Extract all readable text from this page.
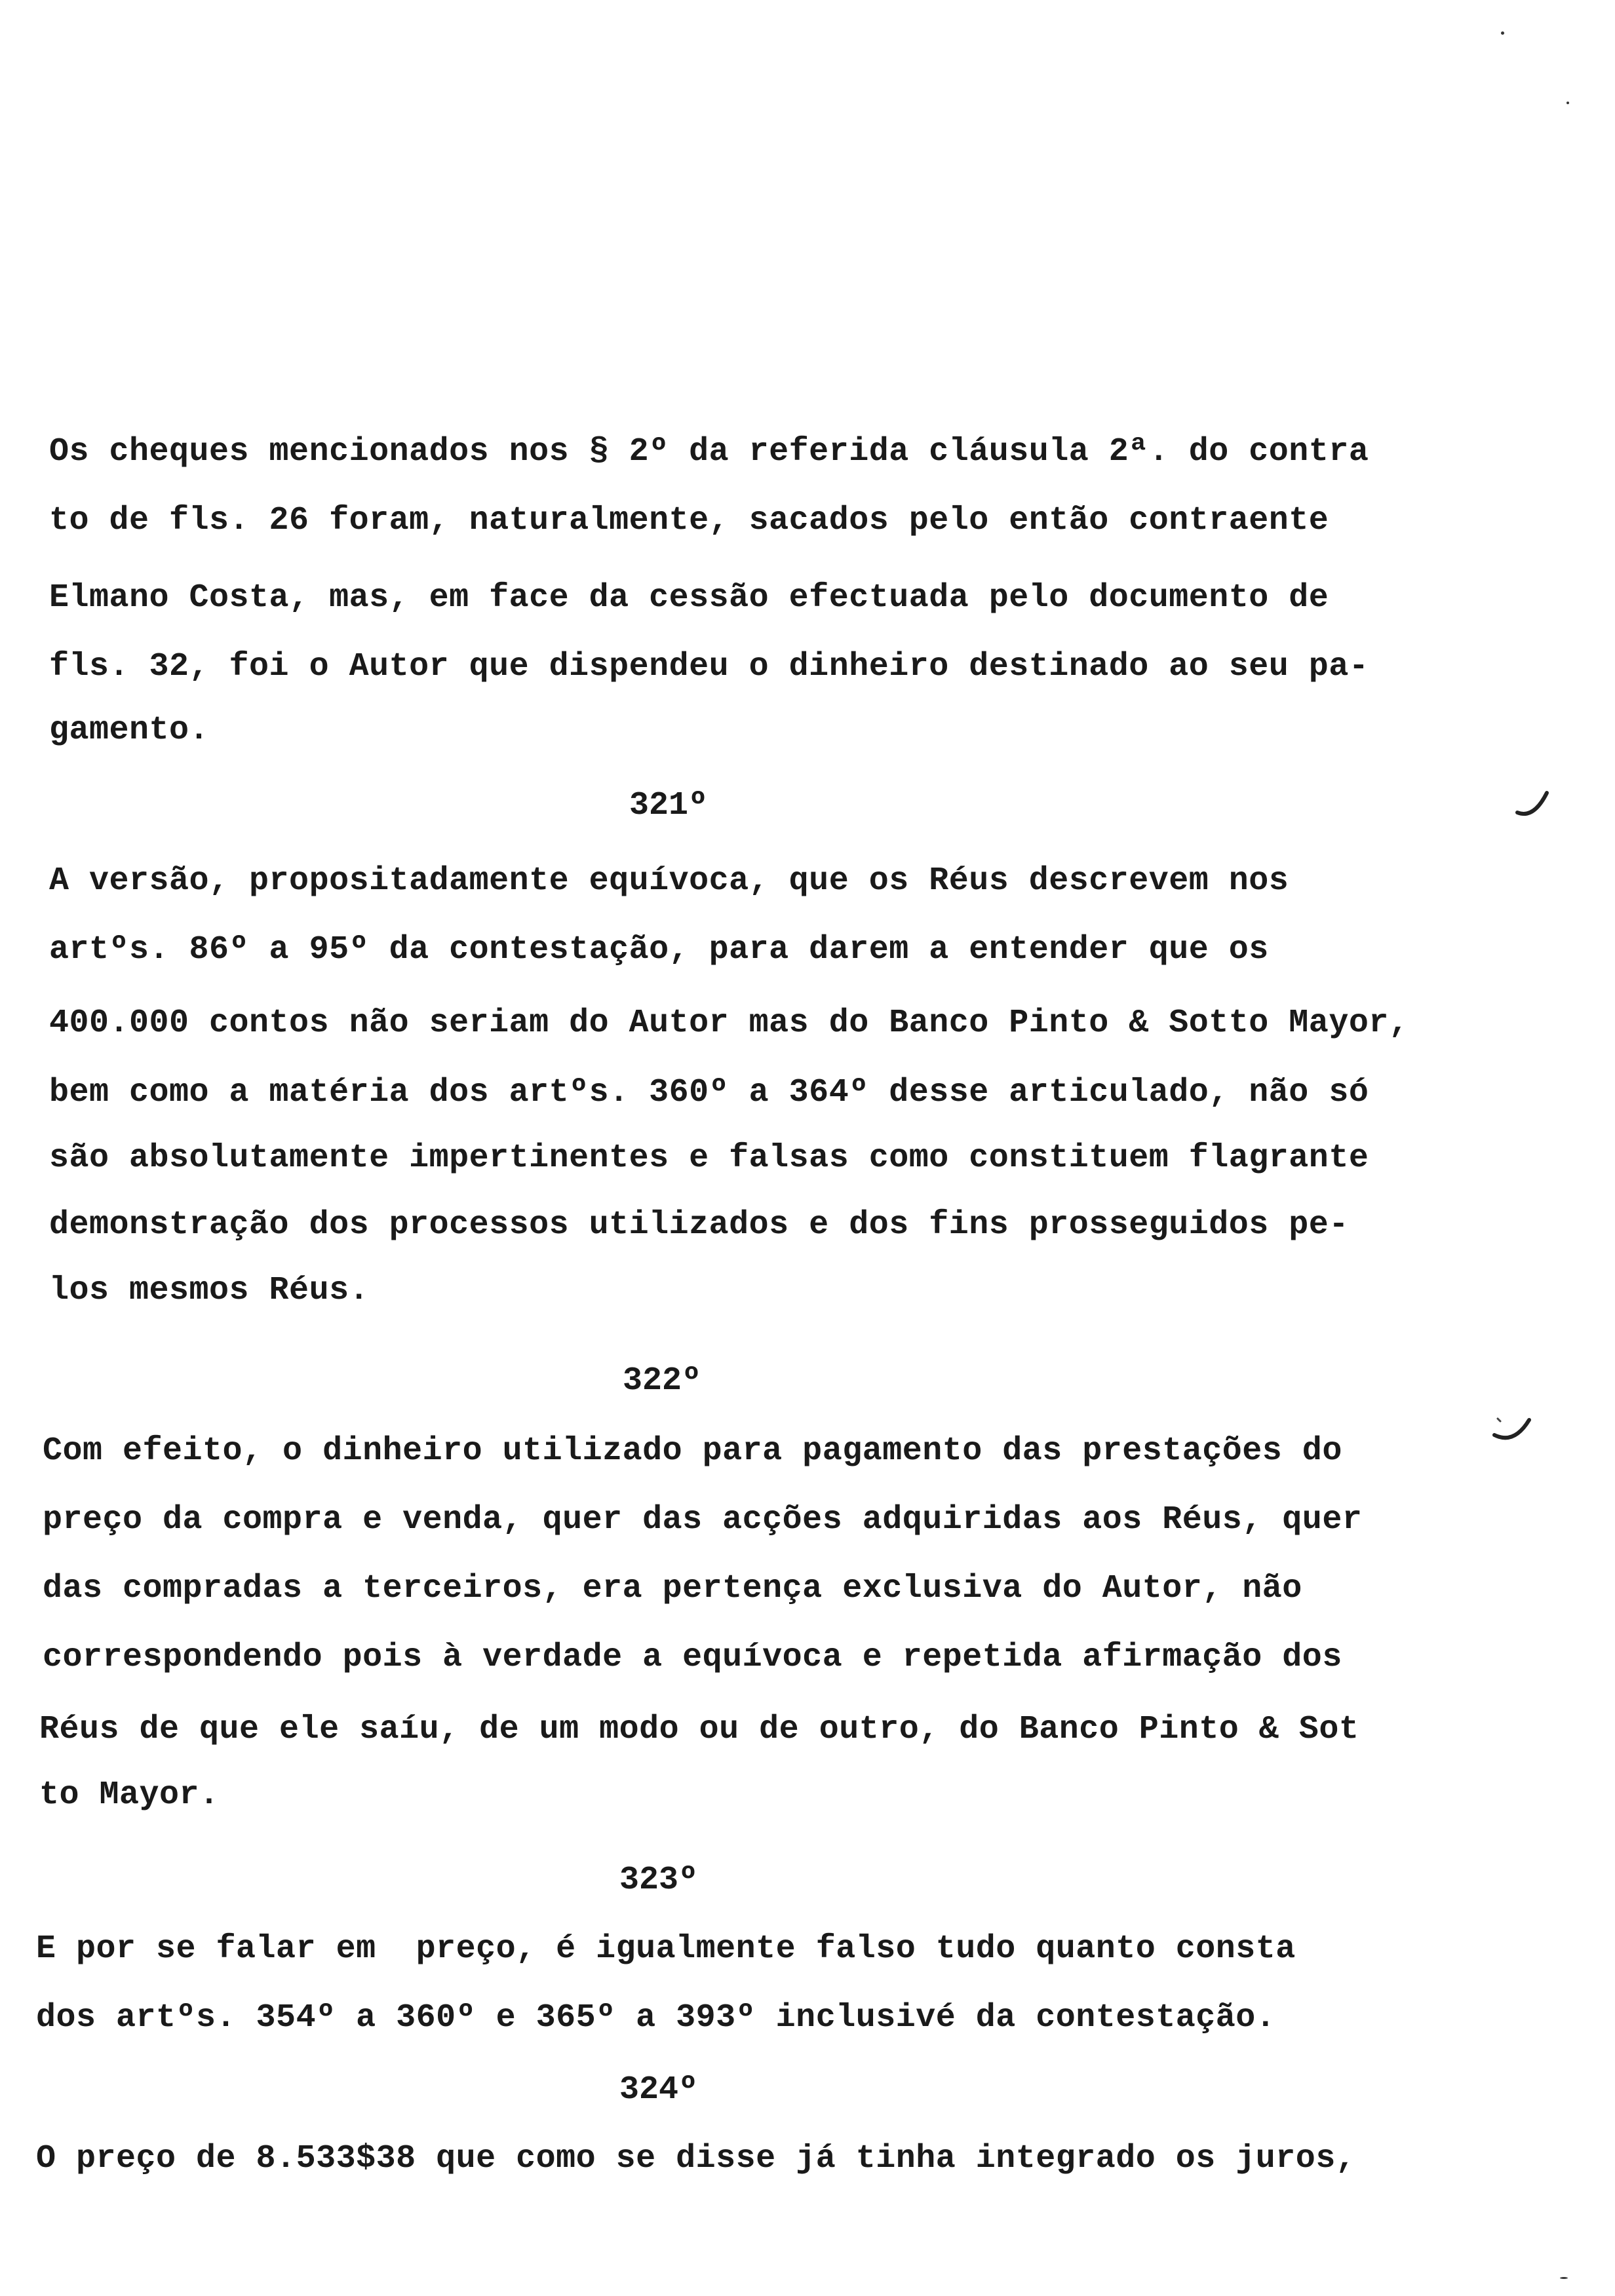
Os cheques mencionados nos § 2º da referida cláusula 2ª. do contra
to de fls. 26 foram, naturalmente, sacados pelo então contraente
Elmano Costa, mas, em face da cessão efectuada pelo documento de
fls. 32, foi o Autor que dispendeu o dinheiro destinado ao seu pa-
gamento.
321º
A versão, propositadamente equívoca, que os Réus descrevem nos
artºs. 86º a 95º da contestação, para darem a entender que os
400.000 contos não seriam do Autor mas do Banco Pinto & Sotto Mayor,
bem como a matéria dos artºs. 360º a 364º desse articulado, não só
são absolutamente impertinentes e falsas como constituem flagrante
demonstração dos processos utilizados e dos fins prosseguidos pe-
los mesmos Réus.
322º
Com efeito, o dinheiro utilizado para pagamento das prestações do
preço da compra e venda, quer das acções adquiridas aos Réus, quer
das compradas a terceiros, era pertença exclusiva do Autor, não
correspondendo pois à verdade a equívoca e repetida afirmação dos
Réus de que ele saíu, de um modo ou de outro, do Banco Pinto & Sot
to Mayor.
323º
E por se falar em  preço, é igualmente falso tudo quanto consta
dos artºs. 354º a 360º e 365º a 393º inclusivé da contestação.
324º
O preço de 8.533$38 que como se disse já tinha integrado os juros,
